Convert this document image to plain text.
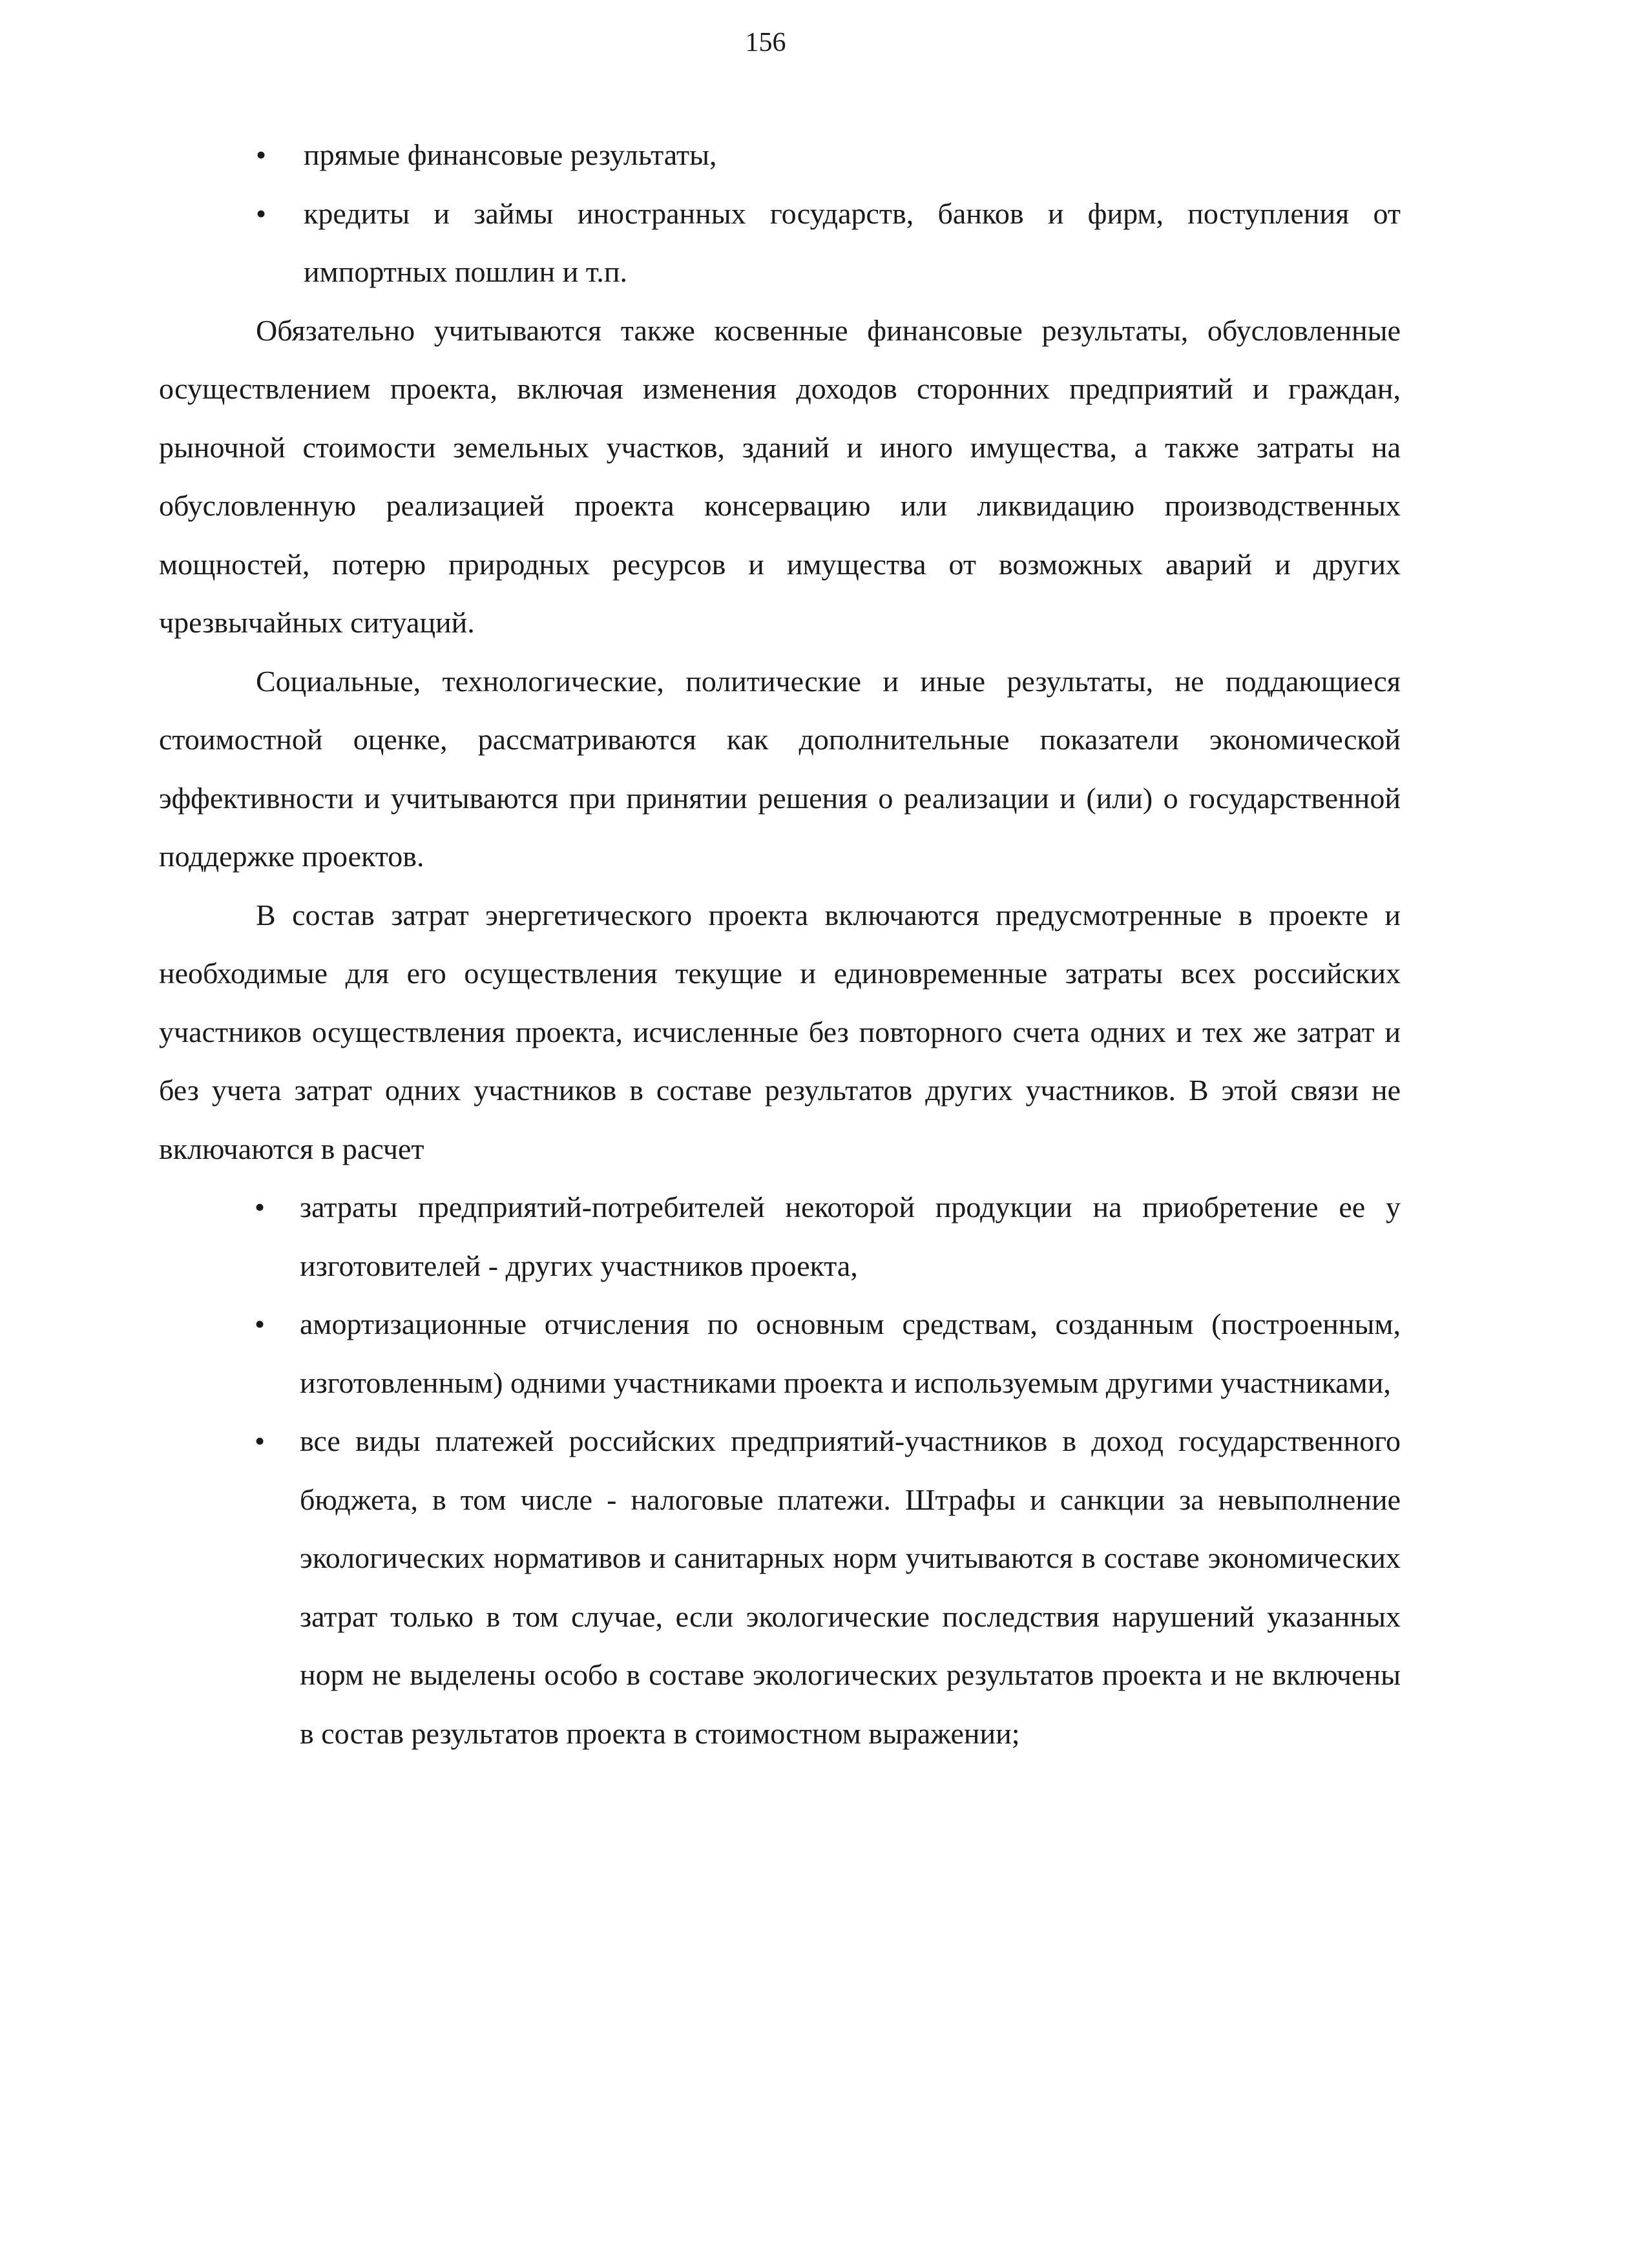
156
• прямые финансовые результаты,
• кредиты и займы иностранных государств, банков и фирм, поступления от импортных пошлин и т.п.

Обязательно учитываются также косвенные финансовые результаты, обусловленные осуществлением проекта, включая изменения доходов сторонних предприятий и граждан, рыночной стоимости земельных участков, зданий и иного имущества, а также затраты на обусловленную реализацией проекта консервацию или ликвидацию производственных мощностей, потерю природных ресурсов и имущества от возможных аварий и других чрезвычайных ситуаций.

Социальные, технологические, политические и иные результаты, не поддающиеся стоимостной оценке, рассматриваются как дополнительные показатели экономической эффективности и учитываются при принятии решения о реализации и (или) о государственной поддержке проектов.

В состав затрат энергетического проекта включаются предусмотренные в проекте и необходимые для его осуществления текущие и единовременные затраты всех российских участников осуществления проекта, исчисленные без повторного счета одних и тех же затрат и без учета затрат одних участников в составе результатов других участников. В этой связи не включаются в расчет

• затраты предприятий-потребителей некоторой продукции на приобретение ее у изготовителей - других участников проекта,
• амортизационные отчисления по основным средствам, созданным (построенным, изготовленным) одними участниками проекта и используемым другими участниками,
• все виды платежей российских предприятий-участников в доход государственного бюджета, в том числе - налоговые платежи. Штрафы и санкции за невыполнение экологических нормативов и санитарных норм учитываются в составе экономических затрат только в том случае, если экологические последствия нарушений указанных норм не выделены особо в составе экологических результатов проекта и не включены в состав результатов проекта в стоимостном выражении;
